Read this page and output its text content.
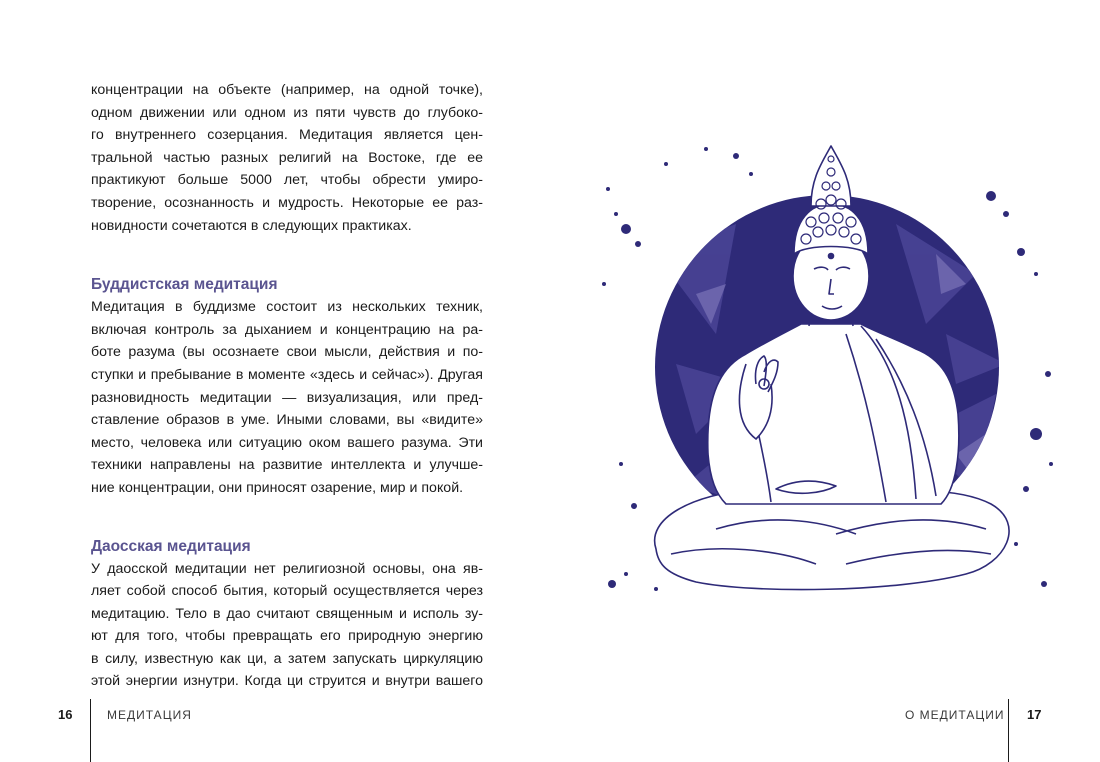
концентрации на объекте (например, на одной точке),
одном движении или одном из пяти чувств до глубоко-
го внутреннего созерцания. Медитация является цен-
тральной частью разных религий на Востоке, где ее
практикуют больше 5000 лет, чтобы обрести умиро-
творение, осознанность и мудрость. Некоторые ее раз-
новидности сочетаются в следующих практиках.

Буддистская медитация

Медитация в буддизме состоит из нескольких техник,
включая контроль за дыханием и концентрацию на ра-
боте разума (вы осознаете свои мысли, действия и по-
ступки и пребывание в моменте «здесь и сейчас»). Другая
разновидность медитации — визуализация, или пред-
ставление образов в уме. Иными словами, вы «видите»
место, человека или ситуацию оком вашего разума. Эти
техники направлены на развитие интеллекта и улучше-
ние концентрации, они приносят озарение, мир и покой.

Даосская медитация

У даосской медитации нет религиозной основы, она яв-
ляет собой способ бытия, который осуществляется через
медитацию. Тело в дао считают священным и исполь зу-
ют для того, чтобы превращать его природную энергию
в силу, известную как ци, а затем запускать циркуляцию
этой энергии изнутри. Когда ци струится и внутри вашего

16	МЕДИТАЦИЯ	О МЕДИТАЦИИ 17
